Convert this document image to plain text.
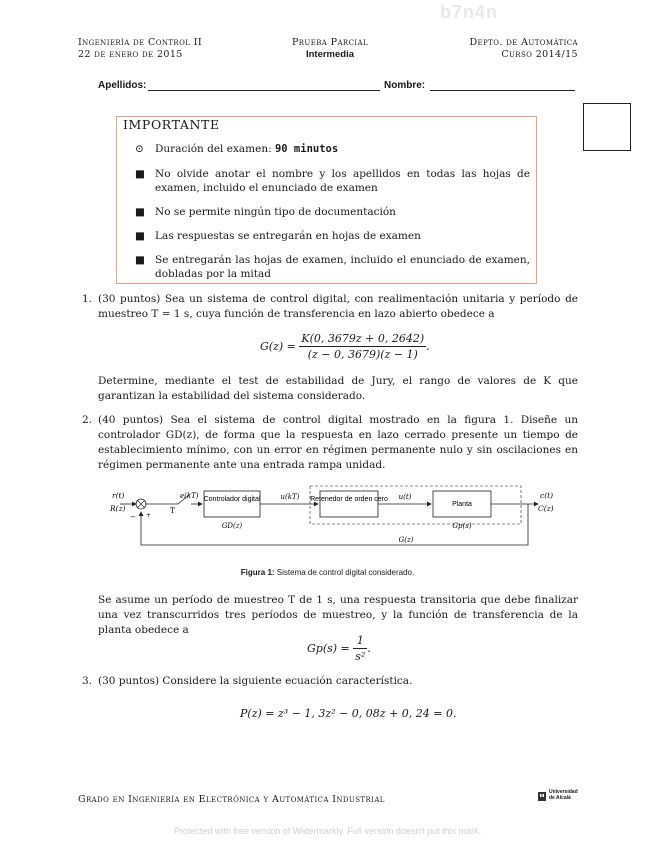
Ingeniería de Control II
22 de enero de 2015
Prueba Parcial
Intermedia
Depto. de Automática
Curso 2014/15
Apellidos:	Nombre:
IMPORTANTE
⊙ Duración del examen: 90 minutos
■ No olvide anotar el nombre y los apellidos en todas las hojas de examen, incluido el enunciado de examen
■ No se permite ningún tipo de documentación
■ Las respuestas se entregarán en hojas de examen
■ Se entregarán las hojas de examen, incluido el enunciado de examen, dobladas por la mitad
1. (30 puntos) Sea un sistema de control digital, con realimentación unitaria y período de muestreo T = 1 s, cuya función de transferencia en lazo abierto obedece a
$G(z) = \frac{K(0, 3679z + 0, 2642)}{(z - 0, 3679)(z - 1)}$ .
Determine, mediante el test de estabilidad de Jury, el rango de valores de K que garantizan la estabilidad del sistema considerado.
2. (40 puntos) Sea el sistema de control digital mostrado en la figura 1. Diseñe un controlador GD(z), de forma que la respuesta en lazo cerrado presente un tiempo de establecimiento mínimo, con un error en régimen permanente nulo y sin oscilaciones en régimen permanente ante una entrada rampa unidad.
r(t)
R(z)
− +
e(kT)
T
Controlador digital
GD(z)
u(kT) Retenedor de orden cero u(t)
Planta
Gp(s)
c(t)
C(z)
G(z)
Figura 1: Sistema de control digital considerado.
Se asume un período de muestreo T de 1 s, una respuesta transitoria que debe finalizar una vez transcurridos tres períodos de muestreo, y la función de transferencia de la planta obedece a
$Gp(s) = \frac{1}{\text{s²}}$ .
3. (30 puntos) Considere la siguiente ecuación característica.
P(z) = z³ − 1, 3z² − 0, 08z + 0, 24 = 0.
Grado en Ingeniería en Electrónica y Automática Industrial
Universidad
de Alcalá
b7n4n
Protected with free version of Watermarkly. Full version doesn't put this mark.
